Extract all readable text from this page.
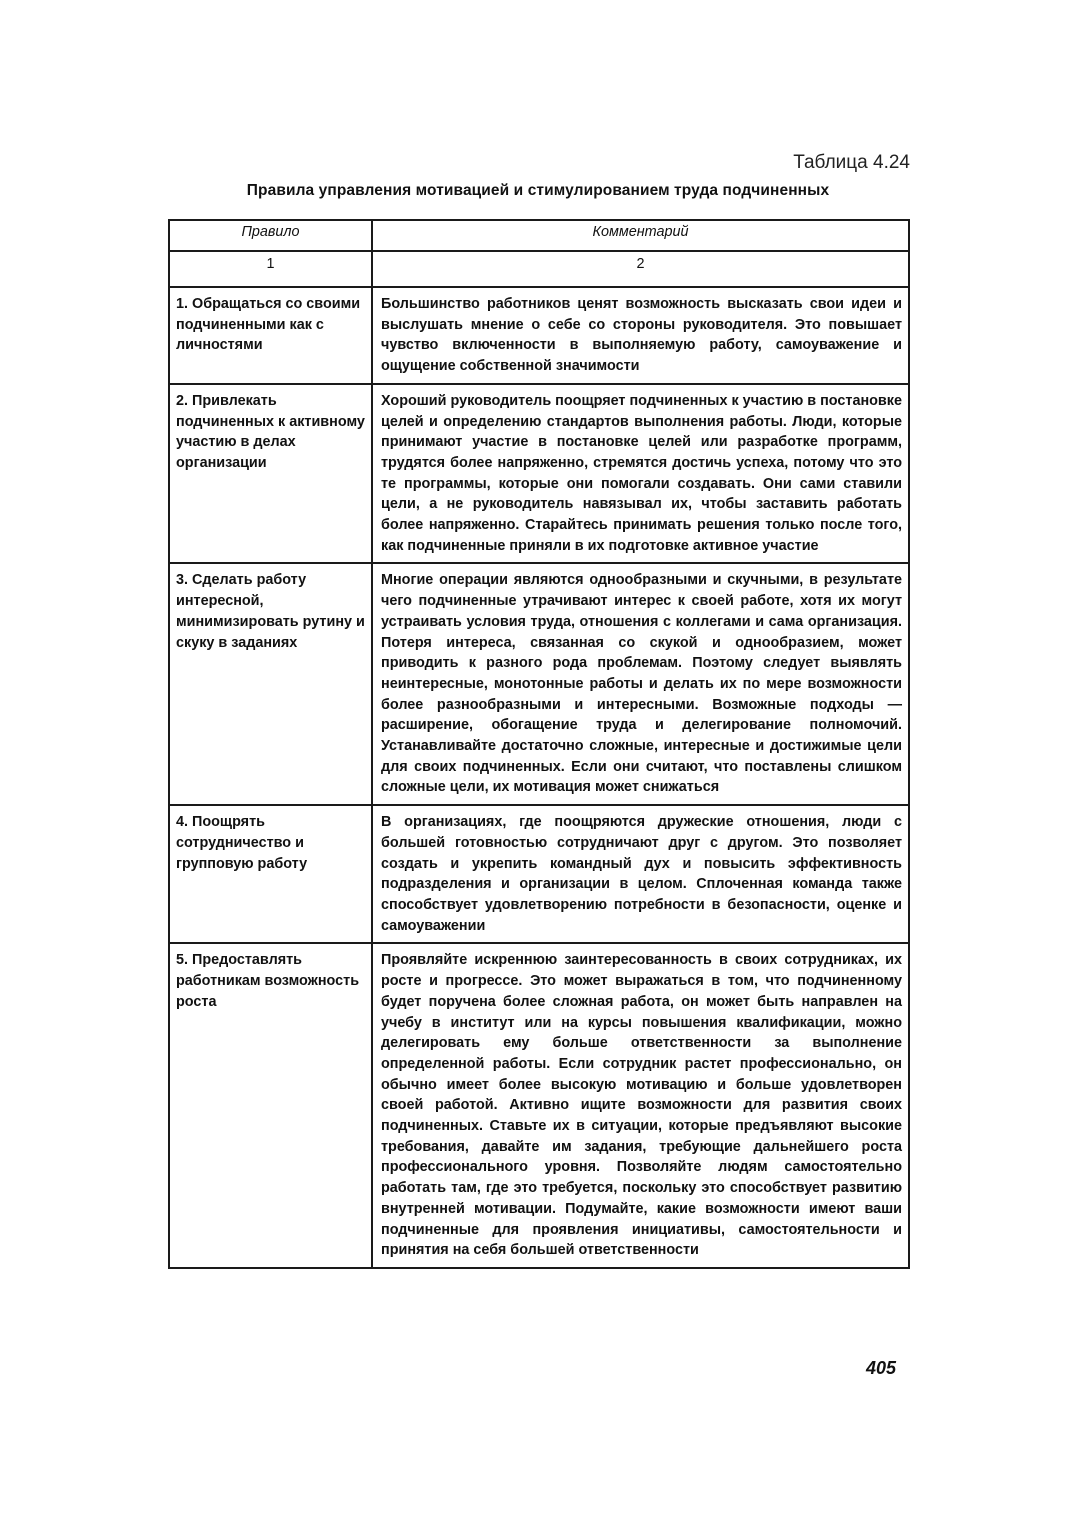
Таблица 4.24
Правила управления мотивацией и стимулированием труда подчиненных
Правило	Комментарий
1	2
1. Обращаться со своими подчиненными как с личностями	Большинство работников ценят возможность высказать свои идеи и выслушать мнение о себе со стороны руководителя. Это повышает чувство включенности в выполняемую работу, самоуважение и ощущение собственной значимости
2. Привлекать подчиненных к активному участию в делах организации	Хороший руководитель поощряет подчиненных к участию в постановке целей и определению стандартов выполнения работы. Люди, которые принимают участие в постановке целей или разработке программ, трудятся более напряженно, стремятся достичь успеха, потому что это те программы, которые они помогали создавать. Они сами ставили цели, а не руководитель навязывал их, чтобы заставить работать более напряженно. Старайтесь принимать решения только после того, как подчиненные приняли в их подготовке активное участие
3. Сделать работу интересной, минимизировать рутину и скуку в заданиях	Многие операции являются однообразными и скучными, в результате чего подчиненные утрачивают интерес к своей работе, хотя их могут устраивать условия труда, отношения с коллегами и сама организация. Потеря интереса, связанная со скукой и однообразием, может приводить к разного рода проблемам. Поэтому следует выявлять неинтересные, монотонные работы и делать их по мере возможности более разнообразными и интересными. Возможные подходы — расширение, обогащение труда и делегирование полномочий. Устанавливайте достаточно сложные, интересные и достижимые цели для своих подчиненных. Если они считают, что поставлены слишком сложные цели, их мотивация может снижаться
4. Поощрять сотрудничество и групповую работу	В организациях, где поощряются дружеские отношения, люди с большей готовностью сотрудничают друг с другом. Это позволяет создать и укрепить командный дух и повысить эффективность подразделения и организации в целом. Сплоченная команда также способствует удовлетворению потребности в безопасности, оценке и самоуважении
5. Предоставлять работникам возможность роста	Проявляйте искреннюю заинтересованность в своих сотрудниках, их росте и прогрессе. Это может выражаться в том, что подчиненному будет поручена более сложная работа, он может быть направлен на учебу в институт или на курсы повышения квалификации, можно делегировать ему больше ответственности за выполнение определенной работы. Если сотрудник растет профессионально, он обычно имеет более высокую мотивацию и больше удовлетворен своей работой. Активно ищите возможности для развития своих подчиненных. Ставьте их в ситуации, которые предъявляют высокие требования, давайте им задания, требующие дальнейшего роста профессионального уровня. Позволяйте людям самостоятельно работать там, где это требуется, поскольку это способствует развитию внутренней мотивации. Подумайте, какие возможности имеют ваши подчиненные для проявления инициативы, самостоятельности и принятия на себя большей ответственности
405
